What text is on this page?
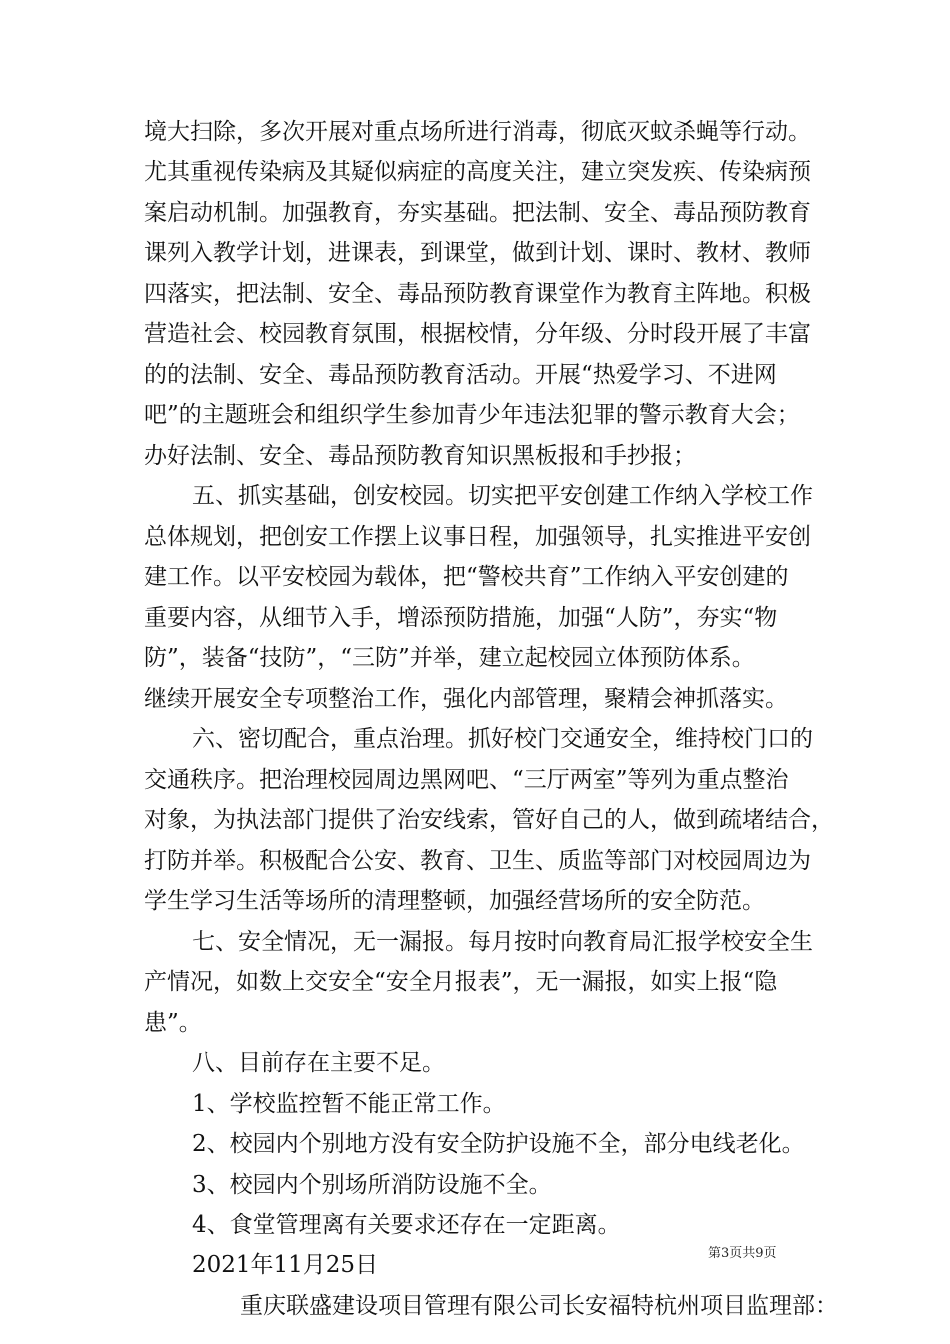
境大扫除，多次开展对重点场所进行消毒，彻底灭蚊杀蝇等行动。
尤其重视传染病及其疑似病症的高度关注，建立突发疾、传染病预
案启动机制。加强教育，夯实基础。把法制、安全、毒品预防教育
课列入教学计划，进课表，到课堂，做到计划、课时、教材、教师
四落实，把法制、安全、毒品预防教育课堂作为教育主阵地。积极
营造社会、校园教育氛围，根据校情，分年级、分时段开展了丰富
的的法制、安全、毒品预防教育活动。开展“热爱学习、不进网
吧”的主题班会和组织学生参加青少年违法犯罪的警示教育大会；
办好法制、安全、毒品预防教育知识黑板报和手抄报；
五、抓实基础，创安校园。切实把平安创建工作纳入学校工作
总体规划，把创安工作摆上议事日程，加强领导，扎实推进平安创
建工作。以平安校园为载体，把“警校共育”工作纳入平安创建的
重要内容，从细节入手，增添预防措施，加强“人防”，夯实“物
防”，装备“技防”，“三防”并举，建立起校园立体预防体系。
继续开展安全专项整治工作，强化内部管理，聚精会神抓落实。
六、密切配合，重点治理。抓好校门交通安全，维持校门口的
交通秩序。把治理校园周边黑网吧、“三厅两室”等列为重点整治
对象，为执法部门提供了治安线索，管好自己的人，做到疏堵结合，
打防并举。积极配合公安、教育、卫生、质监等部门对校园周边为
学生学习生活等场所的清理整顿，加强经营场所的安全防范。
七、安全情况，无一漏报。每月按时向教育局汇报学校安全生
产情况，如数上交安全“安全月报表”，无一漏报，如实上报“隐
患”。
八、目前存在主要不足。
1、学校监控暂不能正常工作。
2、校园内个别地方没有安全防护设施不全，部分电线老化。
3、校园内个别场所消防设施不全。
4、食堂管理离有关要求还存在一定距离。
2021年11月25日
重庆联盛建设项目管理有限公司长安福特杭州项目监理部：
第3页共9页
